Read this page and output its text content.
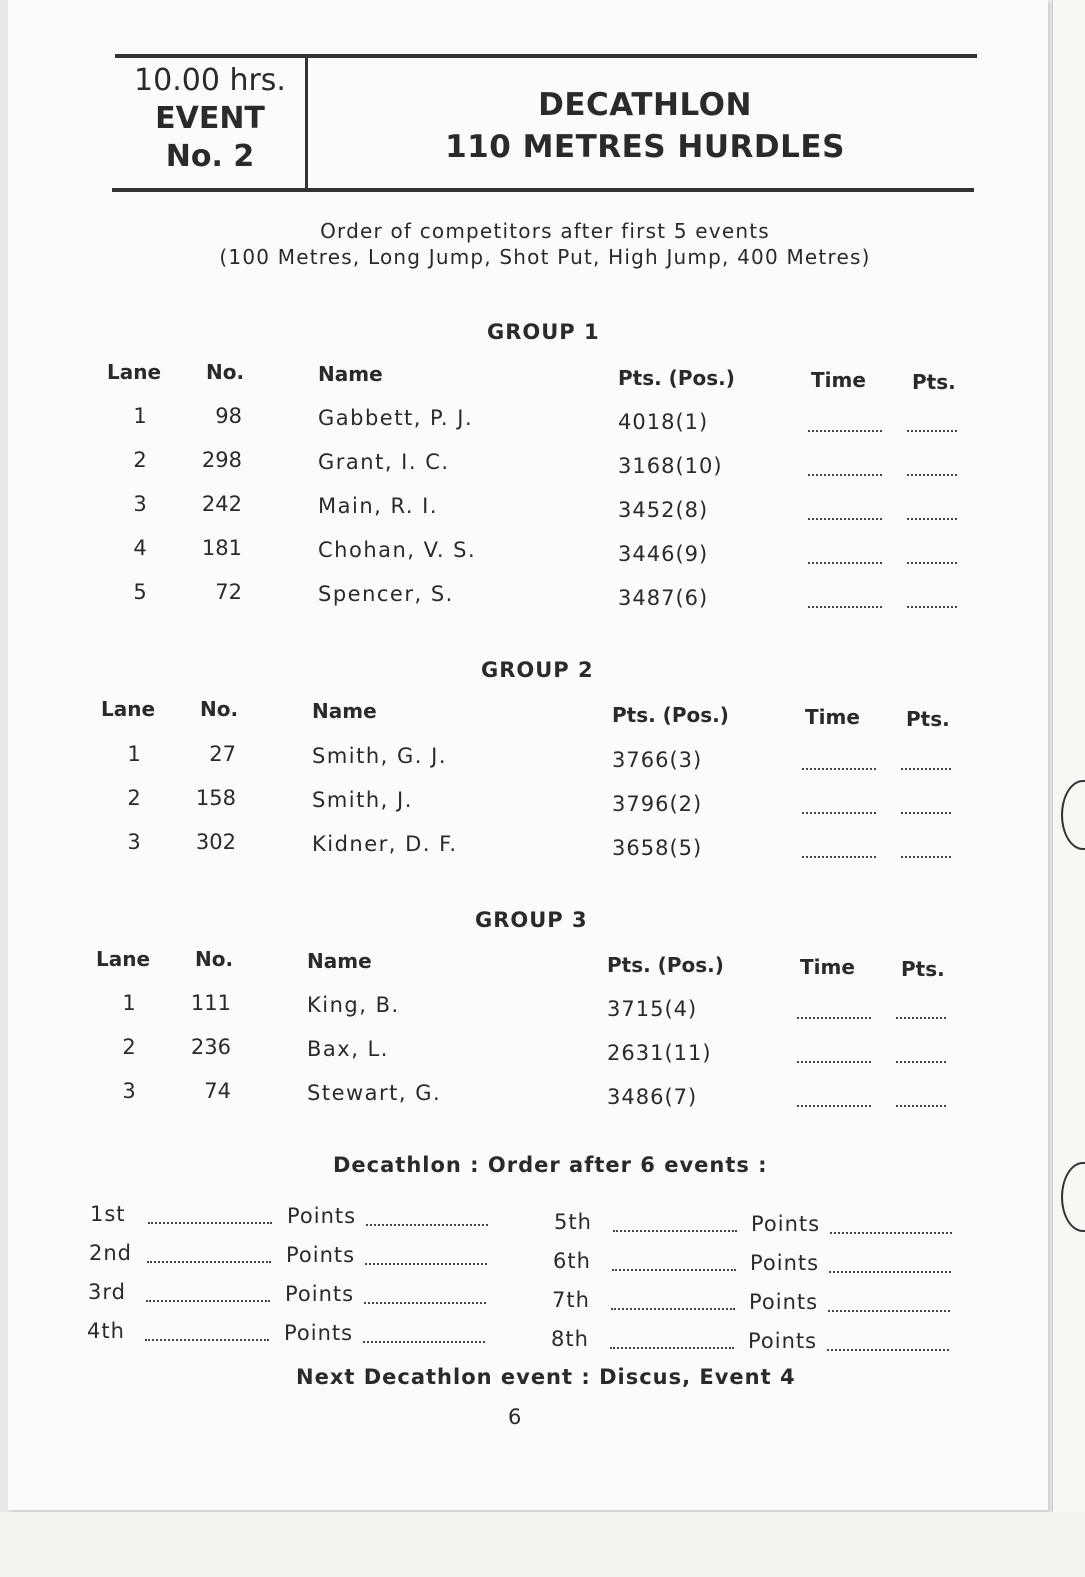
10.00 hrs.
EVENT
No. 2
DECATHLON
110 METRES HURDLES
Order of competitors after first 5 events
(100 Metres, Long Jump, Shot Put, High Jump, 400 Metres)
GROUP 1
Lane No.	Name	Pts. (Pos.)	Time Pts.
1	98	Gabbett, P. J.	4018(1)
2	298	Grant, I. C.	3168(10)
3	242	Main, R. I.	3452(8)
4	181	Chohan, V. S.	3446(9)
5	72	Spencer, S.	3487(6)
GROUP 2
Lane No.	Name	Pts. (Pos.)	Time Pts.
1	27	Smith, G. J.	3766(3)
2	158	Smith, J.	3796(2)
3	302	Kidner, D. F.	3658(5)
GROUP 3
Lane No.	Name	Pts. (Pos.)	Time Pts.
1	111	King, B.	3715(4)
2	236	Bax, L.	2631(11)
3	74	Stewart, G.	3486(7)
Decathlon : Order after 6 events :
1st	Points
2nd	Points
3rd	Points
4th	Points
5th	Points
6th	Points
7th	Points
8th	Points
Next Decathlon event : Discus, Event 4
6
